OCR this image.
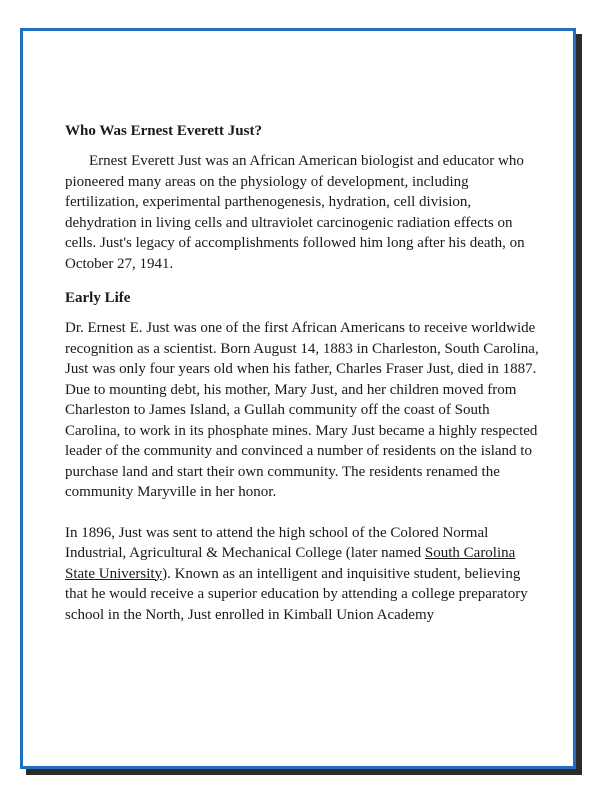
Who Was Ernest Everett Just?

Ernest Everett Just was an African American biologist and educator who pioneered many areas on the physiology of development, including fertilization, experimental parthenogenesis, hydration, cell division, dehydration in living cells and ultraviolet carcinogenic radiation effects on cells. Just's legacy of accomplishments followed him long after his death, on October 27, 1941.

Early Life

Dr. Ernest E. Just was one of the first African Americans to receive worldwide recognition as a scientist. Born August 14, 1883 in Charleston, South Carolina, Just was only four years old when his father, Charles Fraser Just, died in 1887. Due to mounting debt, his mother, Mary Just, and her children moved from Charleston to James Island, a Gullah community off the coast of South Carolina, to work in its phosphate mines. Mary Just became a highly respected leader of the community and convinced a number of residents on the island to purchase land and start their own community. The residents renamed the community Maryville in her honor.

In 1896, Just was sent to attend the high school of the Colored Normal Industrial, Agricultural & Mechanical College (later named South Carolina State University). Known as an intelligent and inquisitive student, believing that he would receive a superior education by attending a college preparatory school in the North, Just enrolled in Kimball Union Academy
